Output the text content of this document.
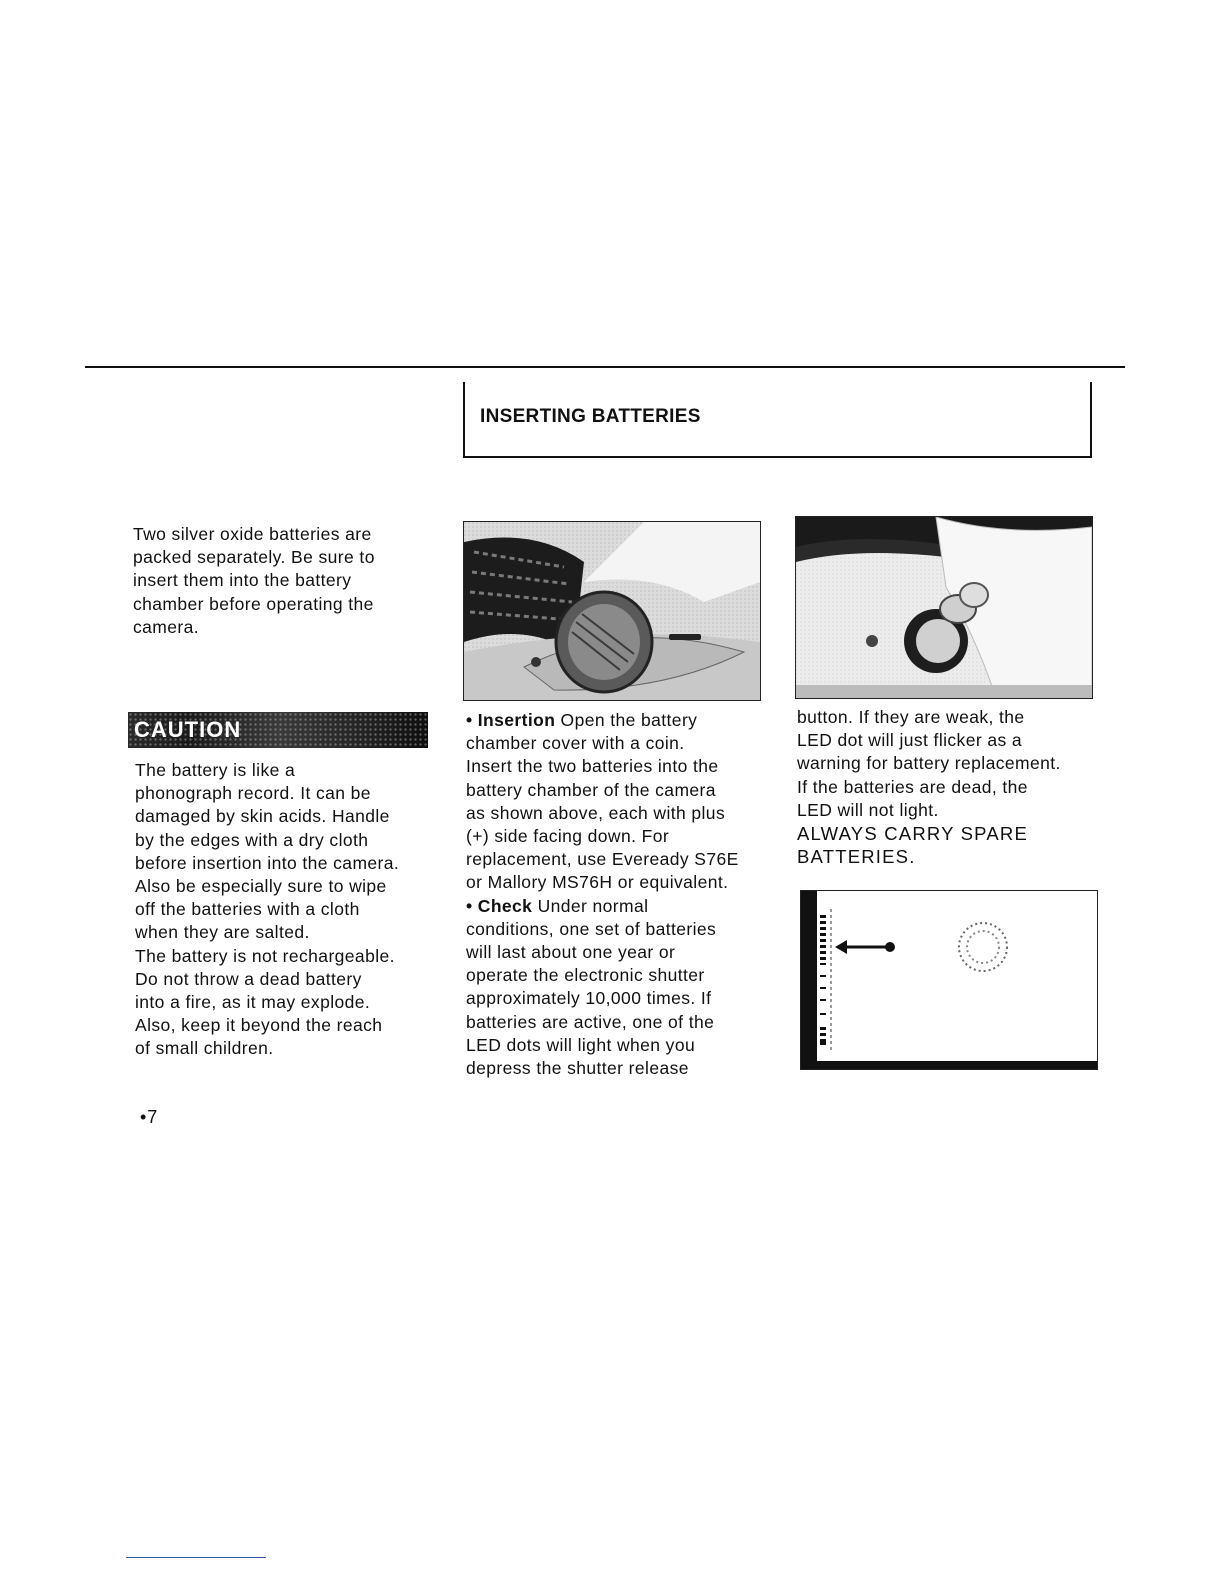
INSERTING BATTERIES
Two silver oxide batteries are
packed separately. Be sure to
insert them into the battery
chamber before operating the
camera.
CAUTION
The battery is like a
phonograph record. It can be
damaged by skin acids. Handle
by the edges with a dry cloth
before insertion into the camera.
Also be especially sure to wipe
off the batteries with a cloth
when they are salted.
The battery is not rechargeable.
Do not throw a dead battery
into a fire, as it may explode.
Also, keep it beyond the reach
of small children.
• Insertion Open the battery
chamber cover with a coin.
Insert the two batteries into the
battery chamber of the camera
as shown above, each with plus
(+) side facing down. For
replacement, use Eveready S76E
or Mallory MS76H or equivalent.
• Check Under normal
conditions, one set of batteries
will last about one year or
operate the electronic shutter
approximately 10,000 times. If
batteries are active, one of the
LED dots will light when you
depress the shutter release
button. If they are weak, the
LED dot will just flicker as a
warning for battery replacement.
If the batteries are dead, the
LED will not light.
ALWAYS CARRY SPARE
BATTERIES.
•7
